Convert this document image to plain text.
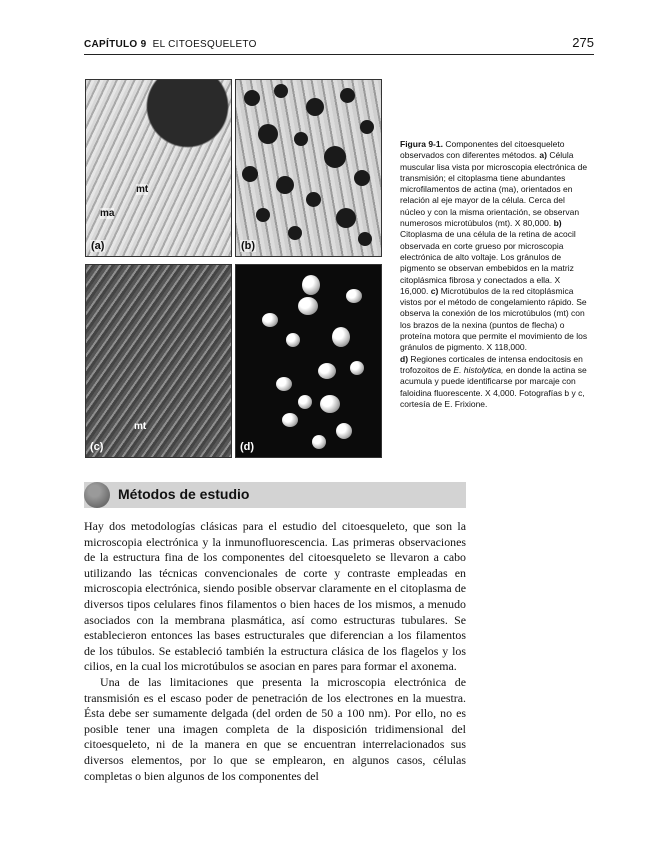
CAPÍTULO 9 EL CITOESQUELETO	275
mt
ma
(a)	(b)
mt
(c)	(d)

Figura 9-1. Componentes del citoesqueleto observados con diferentes métodos. a) Célula muscular lisa vista por microscopia electrónica de transmisión; el citoplasma tiene abundantes microfilamentos de actina (ma), orientados en relación al eje mayor de la célula. Cerca del núcleo y con la misma orientación, se observan numerosos microtúbulos (mt). X 80,000. b) Citoplasma de una célula de la retina de acocil observada en corte grueso por microscopia electrónica de alto voltaje. Los gránulos de pigmento se observan embebidos en la matriz citoplásmica fibrosa y conectados a ella. X 16,000. c) Microtúbulos de la red citoplásmica vistos por el método de congelamiento rápido. Se observa la conexión de los microtúbulos (mt) con los brazos de la nexina (puntos de flecha) o proteína motora que permite el movimiento de los gránulos de pigmento. X 118,000.

d) Regiones corticales de intensa endocitosis en trofozoitos de E. histolytica, en donde la actina se acumula y puede identificarse por marcaje con faloidina fluorescente. X 4,000. Fotografías b y c, cortesía de E. Frixione.

Métodos de estudio

Hay dos metodologías clásicas para el estudio del citoesqueleto, que son la microscopia electrónica y la inmunofluorescencia. Las primeras observaciones de la estructura fina de los componentes del citoesqueleto se llevaron a cabo utilizando las técnicas convencionales de corte y contraste empleadas en microscopia electrónica, siendo posible observar claramente en el citoplasma de diversos tipos celulares finos filamentos o bien haces de los mismos, a menudo asociados con la membrana plasmática, así como estructuras tubulares. Se establecieron entonces las bases estructurales que diferencian a los filamentos de los túbulos. Se estableció también la estructura clásica de los flagelos y los cilios, en la cual los microtúbulos se asocian en pares para formar el axonema.

Una de las limitaciones que presenta la microscopia electrónica de transmisión es el escaso poder de penetración de los electrones en la muestra. Ésta debe ser sumamente delgada (del orden de 50 a 100 nm). Por ello, no es posible tener una imagen completa de la disposición tridimensional del citoesqueleto, ni de la manera en que se encuentran interrelacionados sus diversos elementos, por lo que se emplearon, en algunos casos, células completas o bien algunos de los componentes del
